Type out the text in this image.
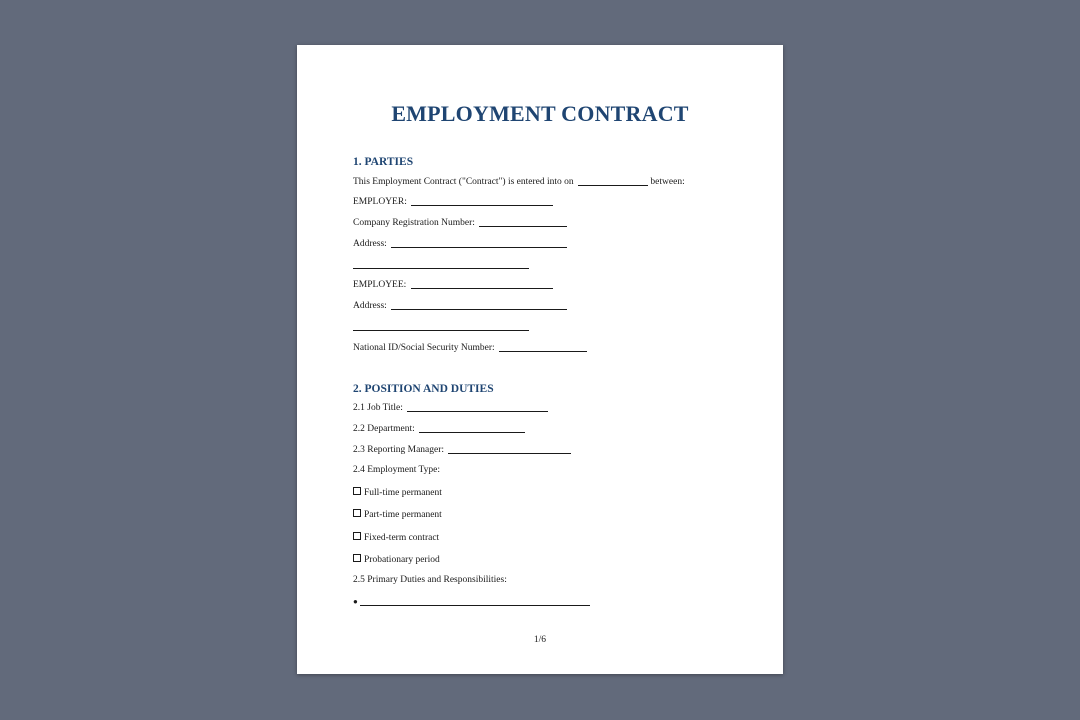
EMPLOYMENT CONTRACT
1. PARTIES
This Employment Contract ("Contract") is entered into on	between:
EMPLOYER:
Company Registration Number:
Address:
EMPLOYEE:
Address:
National ID/Social Security Number:
2. POSITION AND DUTIES
2.1 Job Title:
2.2 Department:
2.3 Reporting Manager:
2.4 Employment Type:
Full-time permanent
Part-time permanent
Fixed-term contract
Probationary period
2.5 Primary Duties and Responsibilities:
●
1/6
